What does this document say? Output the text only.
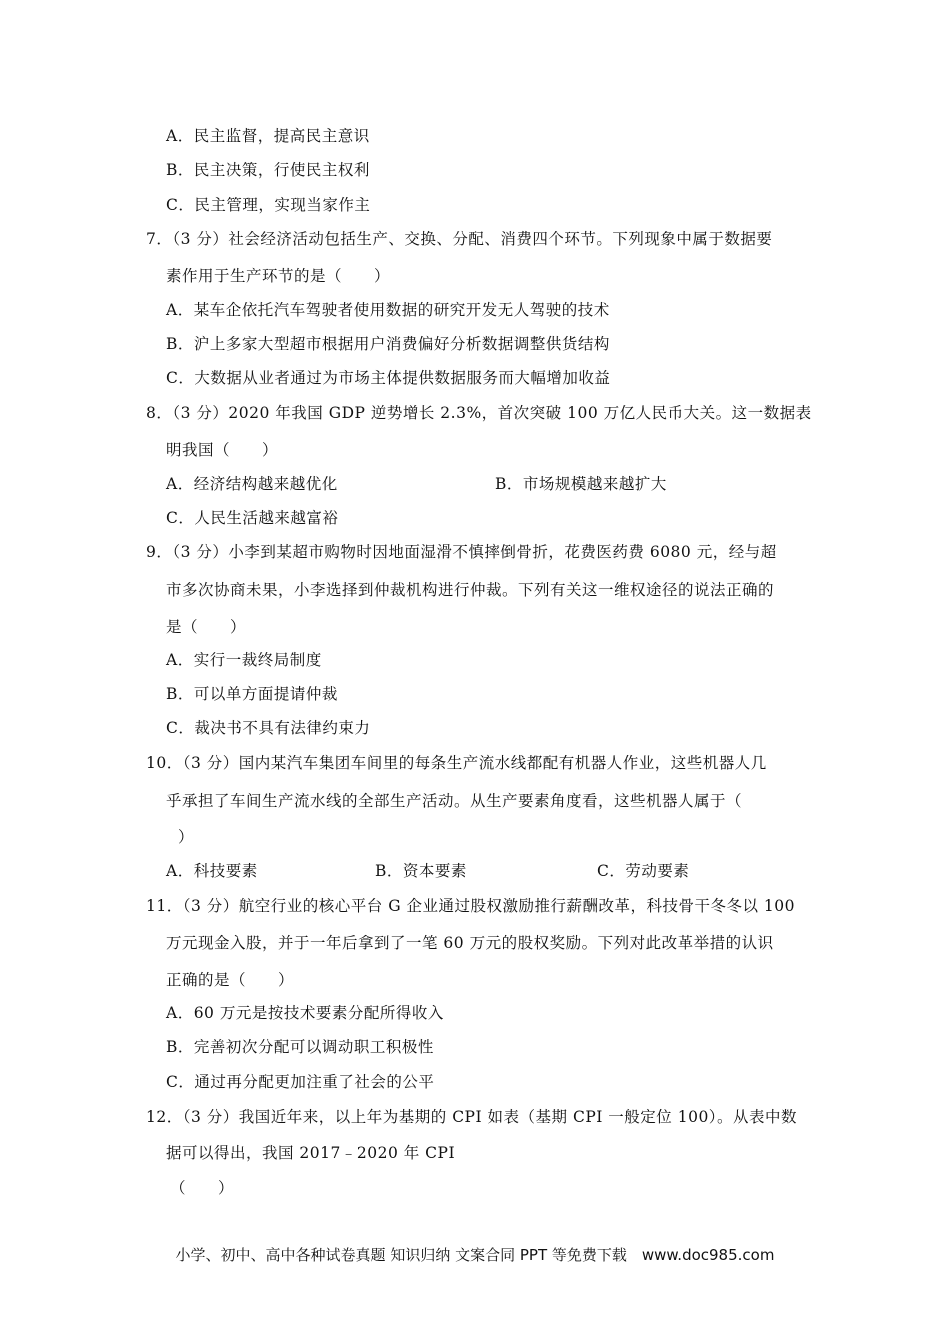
A．民主监督，提高民主意识
B．民主决策，行使民主权利
C．民主管理，实现当家作主
7．（3 分）社会经济活动包括生产、交换、分配、消费四个环节。下列现象中属于数据要
素作用于生产环节的是（　　）
A．某车企依托汽车驾驶者使用数据的研究开发无人驾驶的技术
B．沪上多家大型超市根据用户消费偏好分析数据调整供货结构
C．大数据从业者通过为市场主体提供数据服务而大幅增加收益
8．（3 分）2020 年我国 GDP 逆势增长 2.3%，首次突破 100 万亿人民币大关。这一数据表
明我国（　　）
A．经济结构越来越优化	B．市场规模越来越扩大
C．人民生活越来越富裕
9．（3 分）小李到某超市购物时因地面湿滑不慎摔倒骨折，花费医药费 6080 元，经与超
市多次协商未果，小李选择到仲裁机构进行仲裁。下列有关这一维权途径的说法正确的
是（　　）
A．实行一裁终局制度
B．可以单方面提请仲裁
C．裁决书不具有法律约束力
10．（3 分）国内某汽车集团车间里的每条生产流水线都配有机器人作业，这些机器人几
乎承担了车间生产流水线的全部生产活动。从生产要素角度看，这些机器人属于（
）
A．科技要素	B．资本要素	C．劳动要素
11．（3 分）航空行业的核心平台 G 企业通过股权激励推行薪酬改革，科技骨干冬冬以 100
万元现金入股，并于一年后拿到了一笔 60 万元的股权奖励。下列对此改革举措的认识
正确的是（　　）
A．60 万元是按技术要素分配所得收入
B．完善初次分配可以调动职工积极性
C．通过再分配更加注重了社会的公平
12．（3 分）我国近年来，以上年为基期的 CPI 如表（基期 CPI 一般定位 100）。从表中数
据可以得出，我国 2017﹣2020 年 CPI
（　　）
小学、初中、高中各种试卷真题 知识归纳 文案合同 PPT 等免费下载　www.doc985.com
